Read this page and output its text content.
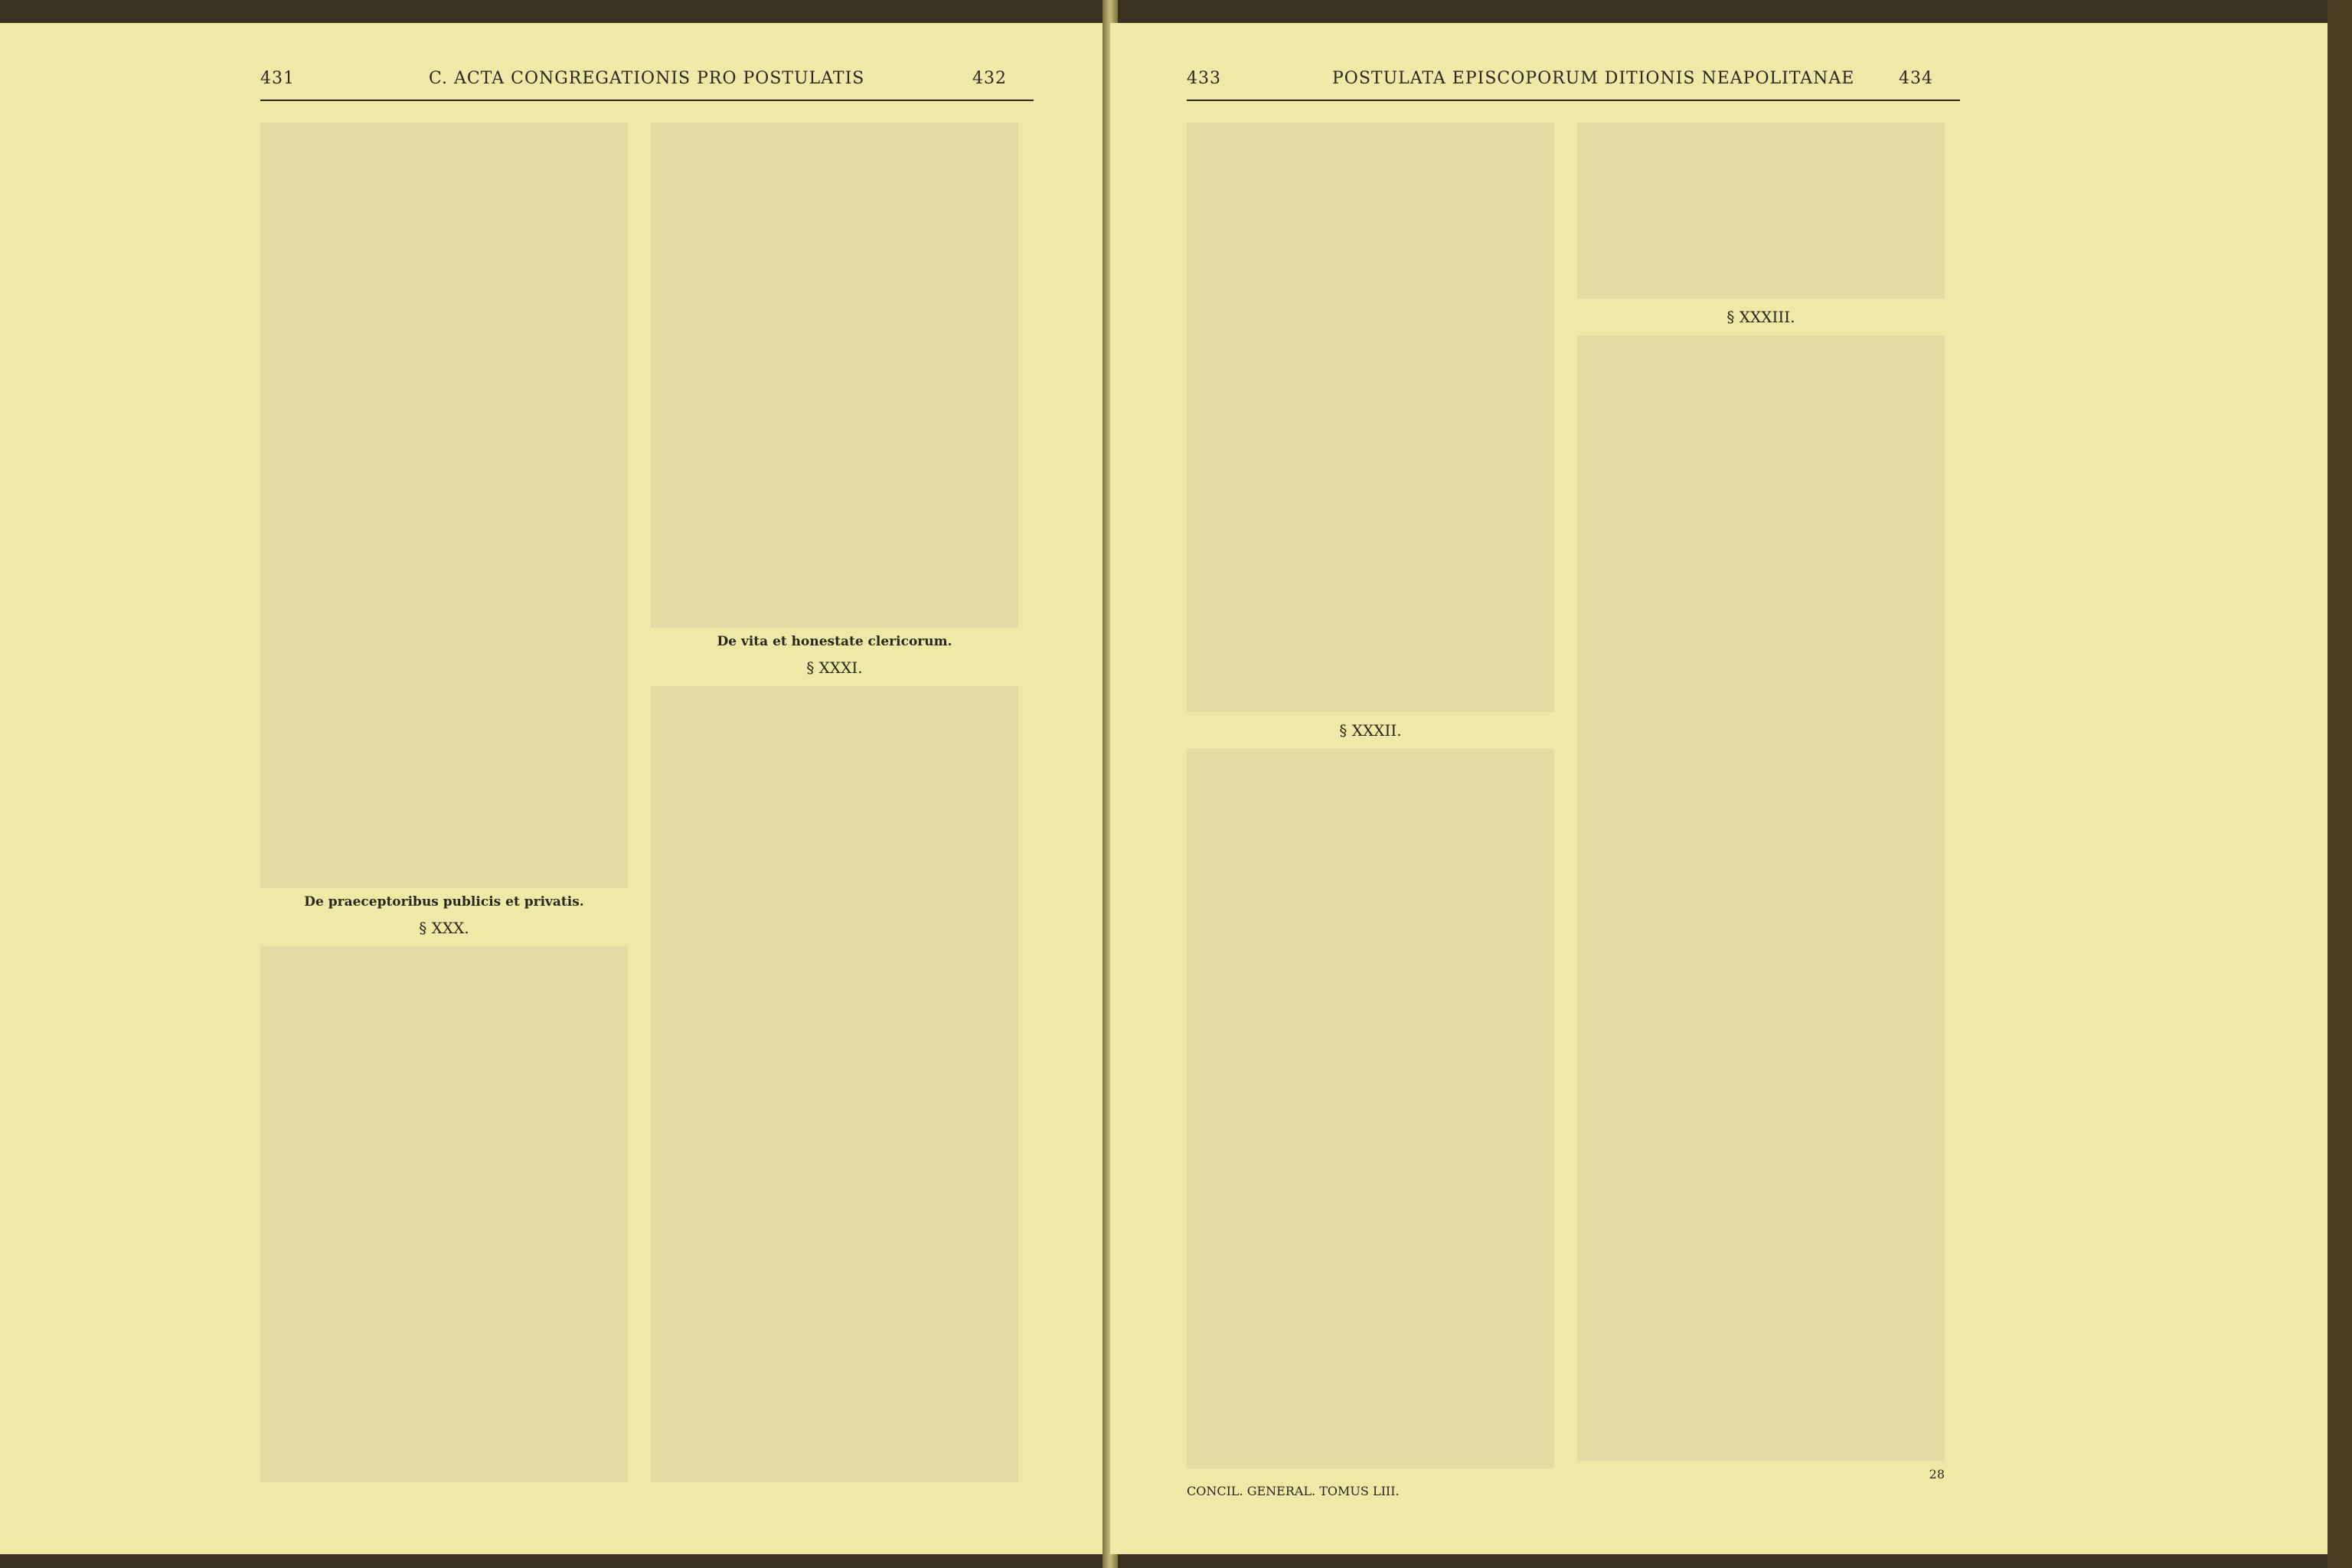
431	C. ACTA CONGREGATIONIS PRO POSTULATIS	432
De praeceptoribus publicis et privatis.
§ XXX.
De vita et honestate clericorum.
§ XXXI.
433	POSTULATA EPISCOPORUM DITIONIS NEAPOLITANAE	434
§ XXXII.
CONCIL. GENERAL. TOMUS LIII.
§ XXXIII.
28
